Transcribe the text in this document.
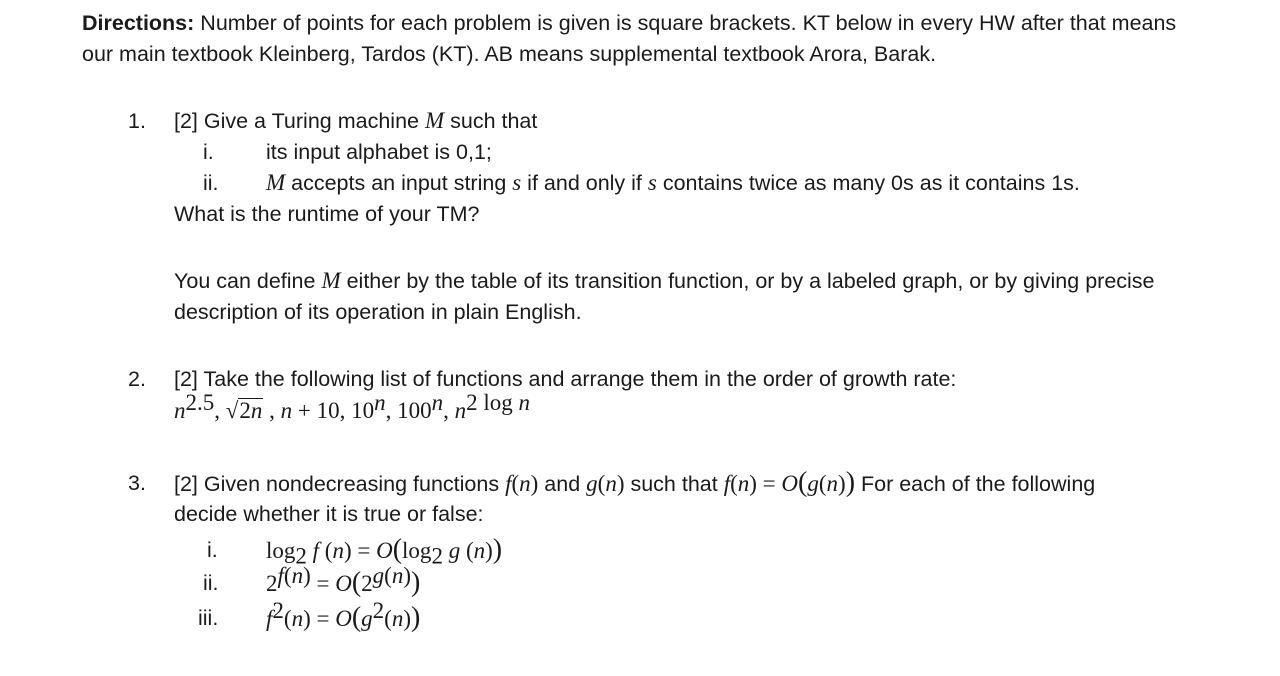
Directions: Number of points for each problem is given is square brackets. KT below in every HW after that means
our main textbook Kleinberg, Tardos (KT). AB means supplemental textbook Arora, Barak.
1. [2] Give a Turing machine M such that
i. its input alphabet is 0,1;
ii. M accepts an input string s if and only if s contains twice as many 0s as it contains 1s.
What is the runtime of your TM?
You can define M either by the table of its transition function, or by a labeled graph, or by giving precise
description of its operation in plain English.
2. [2] Take the following list of functions and arrange them in the order of growth rate:
$n^{2.5}$, √2n , n + 10, 10$^n$, 100$^n$, $n^{2 log n}$
3. [2] Given nondecreasing functions f(n) and g(n) such that f(n) = O(g(n)) For each of the following
decide whether it is true or false:
i. $\log_2 f$ $(n) = O(\log_2$ g (n))
ii. $2^{f(n)} = O(2^{g(n)})$
iii. $f^2(n) = O(g^2(n))$
